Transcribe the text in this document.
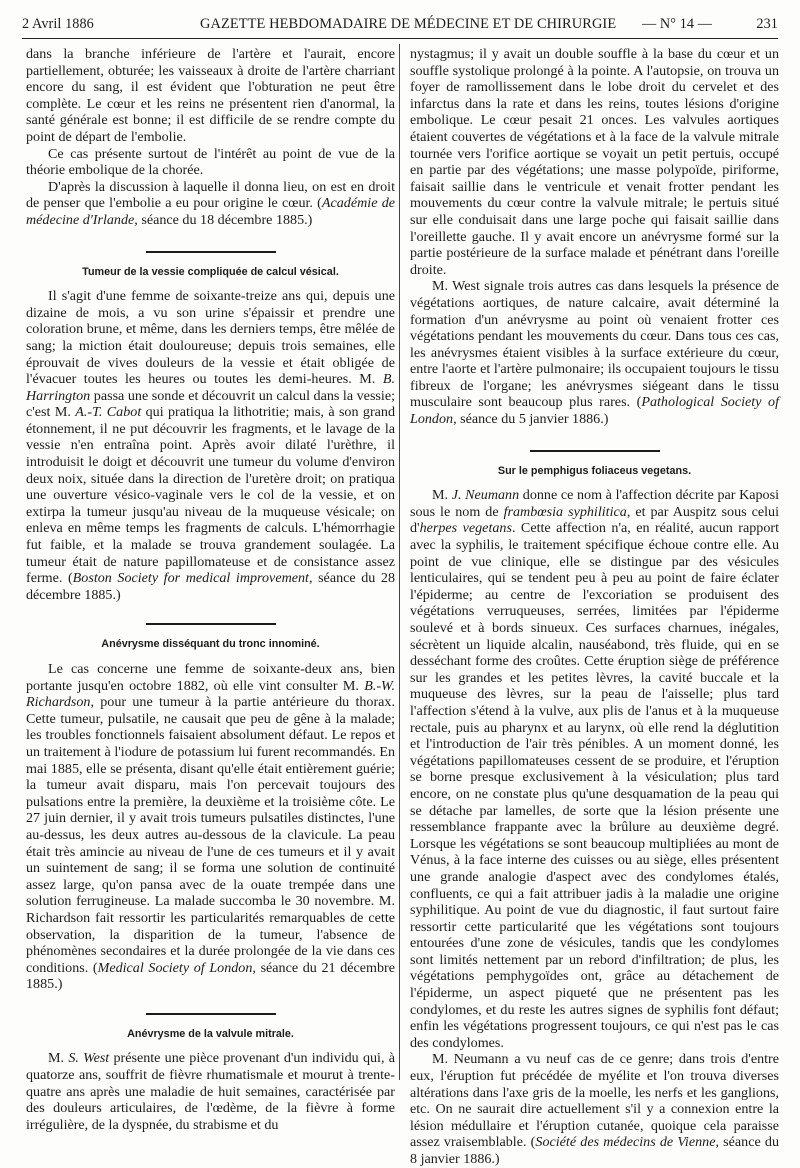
2 Avril 1886	GAZETTE HEBDOMADAIRE DE MÉDECINE ET DE CHIRURGIE — N° 14 —	231

dans la branche inférieure de l'artère et l'aurait, encore partiellement, obturée; les vaisseaux à droite de l'artère charriant encore du sang, il est évident que l'obturation ne peut être complète. Le cœur et les reins ne présentent rien d'anormal, la santé générale est bonne; il est difficile de se rendre compte du point de départ de l'embolie.

Ce cas présente surtout de l'intérêt au point de vue de la théorie embolique de la chorée.

D'après la discussion à laquelle il donna lieu, on est en droit de penser que l'embolie a eu pour origine le cœur. (Académie de médecine d'Irlande, séance du 18 décembre 1885.)

Tumeur de la vessie compliquée de calcul vésical.

Il s'agit d'une femme de soixante-treize ans qui, depuis une dizaine de mois, a vu son urine s'épaissir et prendre une coloration brune, et même, dans les derniers temps, être mêlée de sang; la miction était douloureuse; depuis trois semaines, elle éprouvait de vives douleurs de la vessie et était obligée de l'évacuer toutes les heures ou toutes les demi-heures. M. B. Harrington passa une sonde et découvrit un calcul dans la vessie; c'est M. A.-T. Cabot qui pratiqua la lithotritie; mais, à son grand étonnement, il ne put découvrir les fragments, et le lavage de la vessie n'en entraîna point. Après avoir dilaté l'urèthre, il introduisit le doigt et découvrit une tumeur du volume d'environ deux noix, située dans la direction de l'uretère droit; on pratiqua une ouverture vésico-vaginale vers le col de la vessie, et on extirpa la tumeur jusqu'au niveau de la muqueuse vésicale; on enleva en même temps les fragments de calculs. L'hémorrhagie fut faible, et la malade se trouva grandement soulagée. La tumeur était de nature papillomateuse et de consistance assez ferme. (Boston Society for medical improvement, séance du 28 décembre 1885.)

Anévrysme disséquant du tronc innominé.

Le cas concerne une femme de soixante-deux ans, bien portante jusqu'en octobre 1882, où elle vint consulter M. B.-W. Richardson, pour une tumeur à la partie antérieure du thorax. Cette tumeur, pulsatile, ne causait que peu de gêne à la malade; les troubles fonctionnels faisaient absolument défaut. Le repos et un traitement à l'iodure de potassium lui furent recommandés. En mai 1885, elle se présenta, disant qu'elle était entièrement guérie; la tumeur avait disparu, mais l'on percevait toujours des pulsations entre la première, la deuxième et la troisième côte. Le 27 juin dernier, il y avait trois tumeurs pulsatiles distinctes, l'une au-dessus, les deux autres au-dessous de la clavicule. La peau était très amincie au niveau de l'une de ces tumeurs et il y avait un suintement de sang; il se forma une solution de continuité assez large, qu'on pansa avec de la ouate trempée dans une solution ferrugineuse. La malade succomba le 30 novembre. M. Richardson fait ressortir les particularités remarquables de cette observation, la disparition de la tumeur, l'absence de phénomènes secondaires et la durée prolongée de la vie dans ces conditions. (Medical Society of London, séance du 21 décembre 1885.)

Anévrysme de la valvule mitrale.

M. S. West présente une pièce provenant d'un individu qui, à quatorze ans, souffrit de fièvre rhumatismale et mourut à trente-quatre ans après une maladie de huit semaines, caractérisée par des douleurs articulaires, de l'œdème, de la fièvre à forme irrégulière, de la dyspnée, du strabisme et du

nystagmus; il y avait un double souffle à la base du cœur et un souffle systolique prolongé à la pointe. A l'autopsie, on trouva un foyer de ramollissement dans le lobe droit du cervelet et des infarctus dans la rate et dans les reins, toutes lésions d'origine embolique. Le cœur pesait 21 onces. Les valvules aortiques étaient couvertes de végétations et à la face de la valvule mitrale tournée vers l'orifice aortique se voyait un petit pertuis, occupé en partie par des végétations; une masse polypoïde, piriforme, faisait saillie dans le ventricule et venait frotter pendant les mouvements du cœur contre la valvule mitrale; le pertuis situé sur elle conduisait dans une large poche qui faisait saillie dans l'oreillette gauche. Il y avait encore un anévrysme formé sur la partie postérieure de la surface malade et pénétrant dans l'oreille droite.

M. West signale trois autres cas dans lesquels la présence de végétations aortiques, de nature calcaire, avait déterminé la formation d'un anévrysme au point où venaient frotter ces végétations pendant les mouvements du cœur. Dans tous ces cas, les anévrysmes étaient visibles à la surface extérieure du cœur, entre l'aorte et l'artère pulmonaire; ils occupaient toujours le tissu fibreux de l'organe; les anévrysmes siégeant dans le tissu musculaire sont beaucoup plus rares. (Pathological Society of London, séance du 5 janvier 1886.)

Sur le pemphigus foliaceus vegetans.

M. J. Neumann donne ce nom à l'affection décrite par Kaposi sous le nom de frambœsia syphilitica, et par Auspitz sous celui d'herpes vegetans. Cette affection n'a, en réalité, aucun rapport avec la syphilis, le traitement spécifique échoue contre elle. Au point de vue clinique, elle se distingue par des vésicules lenticulaires, qui se tendent peu à peu au point de faire éclater l'épiderme; au centre de l'excoriation se produisent des végétations verruqueuses, serrées, limitées par l'épiderme soulevé et à bords sinueux. Ces surfaces charnues, inégales, sécrètent un liquide alcalin, nauséabond, très fluide, qui en se desséchant forme des croûtes. Cette éruption siège de préférence sur les grandes et les petites lèvres, la cavité buccale et la muqueuse des lèvres, sur la peau de l'aisselle; plus tard l'affection s'étend à la vulve, aux plis de l'anus et à la muqueuse rectale, puis au pharynx et au larynx, où elle rend la déglutition et l'introduction de l'air très pénibles. A un moment donné, les végétations papillomateuses cessent de se produire, et l'éruption se borne presque exclusivement à la vésiculation; plus tard encore, on ne constate plus qu'une desquamation de la peau qui se détache par lamelles, de sorte que la lésion présente une ressemblance frappante avec la brûlure au deuxième degré. Lorsque les végétations se sont beaucoup multipliées au mont de Vénus, à la face interne des cuisses ou au siège, elles présentent une grande analogie d'aspect avec des condylomes étalés, confluents, ce qui a fait attribuer jadis à la maladie une origine syphilitique. Au point de vue du diagnostic, il faut surtout faire ressortir cette particularité que les végétations sont toujours entourées d'une zone de vésicules, tandis que les condylomes sont limités nettement par un rebord d'infiltration; de plus, les végétations pemphygoïdes ont, grâce au détachement de l'épiderme, un aspect piqueté que ne présentent pas les condylomes, et du reste les autres signes de syphilis font défaut; enfin les végétations progressent toujours, ce qui n'est pas le cas des condylomes.

M. Neumann a vu neuf cas de ce genre; dans trois d'entre eux, l'éruption fut précédée de myélite et l'on trouva diverses altérations dans l'axe gris de la moelle, les nerfs et les ganglions, etc. On ne saurait dire actuellement s'il y a connexion entre la lésion médullaire et l'éruption cutanée, quoique cela paraisse assez vraisemblable. (Société des médecins de Vienne, séance du 8 janvier 1886.)
